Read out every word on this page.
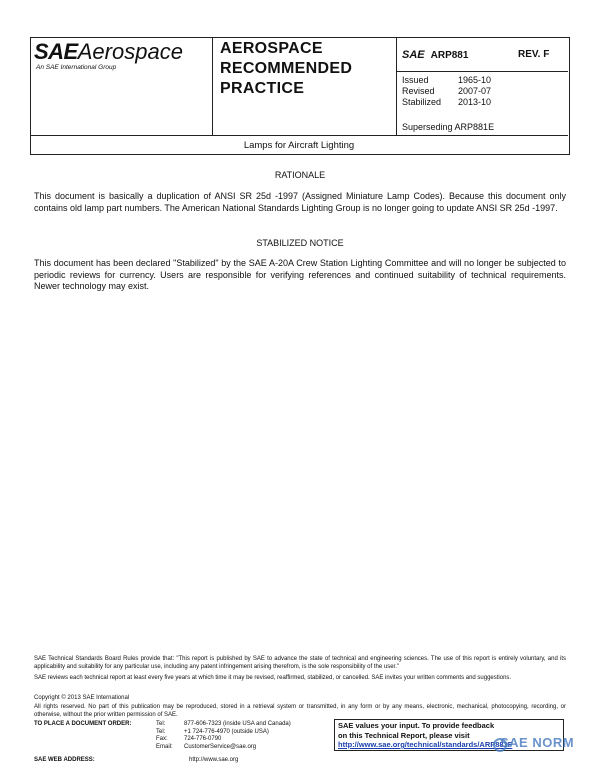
SAEAerospace
An SAE International Group
AEROSPACE
RECOMMENDED
PRACTICE
SAE ARP881	REV. F
Issued	1965-10
Revised	2007-07
Stabilized	2013-10
Superseding ARP881E
Lamps for Aircraft Lighting
RATIONALE
This document is basically a duplication of ANSI SR 25d -1997 (Assigned Miniature Lamp Codes). Because this document only contains old lamp part numbers. The American National Standards Lighting Group is no longer going to update ANSI SR 25d -1997.
STABILIZED NOTICE
This document has been declared "Stabilized" by the SAE A-20A Crew Station Lighting Committee and will no longer be subjected to periodic reviews for currency. Users are responsible for verifying references and continued suitability of technical requirements. Newer technology may exist.
SAE Technical Standards Board Rules provide that: "This report is published by SAE to advance the state of technical and engineering sciences. The use of this report is entirely voluntary, and its applicability and suitability for any particular use, including any patent infringement arising therefrom, is the sole responsibility of the user."
SAE reviews each technical report at least every five years at which time it may be revised, reaffirmed, stabilized, or cancelled. SAE invites your written comments and suggestions.
Copyright © 2013 SAE International
All rights reserved. No part of this publication may be reproduced, stored in a retrieval system or transmitted, in any form or by any means, electronic, mechanical, photocopying, recording, or otherwise, without the prior written permission of SAE.
TO PLACE A DOCUMENT ORDER:	Tel:	877-606-7323 (inside USA and Canada)
Tel:	+1 724-776-4970 (outside USA)
Fax:	724-776-0790
Email: CustomerService@sae.org
SAE WEB ADDRESS:	http://www.sae.org
SAE values your input. To provide feedback
on this Technical Report, please visit
http://www.sae.org/technical/standards/ARP881F
SAE NORM
